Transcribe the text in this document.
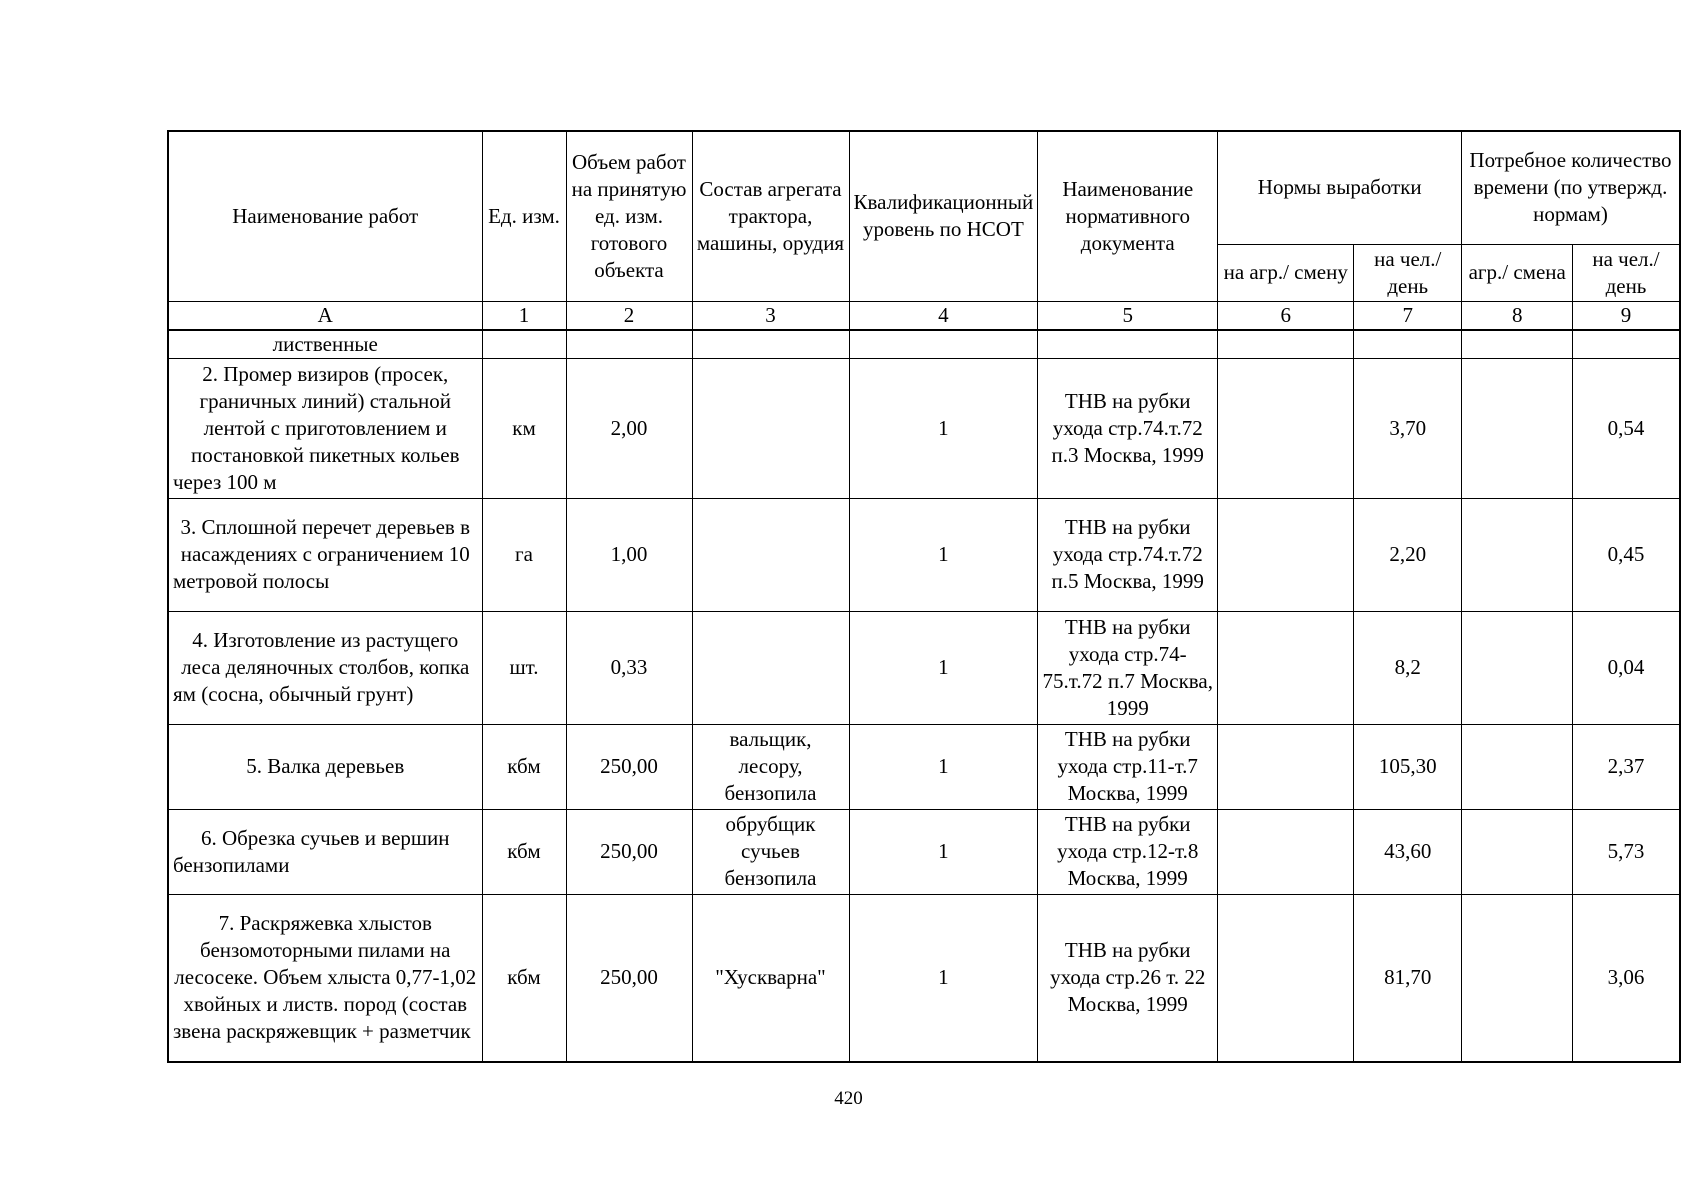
Наименование работ	Ед. изм.	Объем работ на принятую ед. изм. готового объекта	Состав агрегата трактора, машины, орудия	Квалификационный уровень по НСОТ	Наименование нормативного документа	Нормы выработки		Потребное количество времени (по утвержд. нормам)	
						на агр./ смену	на чел./ день	агр./ смена	на чел./ день
А	1	2	3	4	5	6	7	8	9
лиственные									
2. Промер визиров (просек, граничных линий) стальной лентой с приготовлением и постановкой пикетных кольев через 100 м	км	2,00		1	ТНВ на рубки ухода стр.74.т.72 п.3 Москва, 1999		3,70		0,54
3. Сплошной перечет деревьев в насаждениях с ограничением 10 метровой полосы	га	1,00		1	ТНВ на рубки ухода стр.74.т.72 п.5 Москва, 1999		2,20		0,45
4. Изготовление из растущего леса деляночных столбов, копка ям (сосна, обычный грунт)	шт.	0,33		1	ТНВ на рубки ухода стр.74-75.т.72 п.7 Москва, 1999		8,2		0,04
5. Валка деревьев	кбм	250,00	вальщик, лесору, бензопила	1	ТНВ на рубки ухода стр.11-т.7 Москва, 1999		105,30		2,37
6. Обрезка сучьев и вершин бензопилами	кбм	250,00	обрубщик сучьев бензопила	1	ТНВ на рубки ухода стр.12-т.8 Москва, 1999		43,60		5,73
7. Раскряжевка хлыстов бензомоторными пилами на лесосеке. Объем хлыста 0,77-1,02 хвойных и листв. пород (состав звена раскряжевщик + разметчик	кбм	250,00	"Хускварна"	1	ТНВ на рубки ухода стр.26 т. 22 Москва, 1999		81,70		3,06
420
